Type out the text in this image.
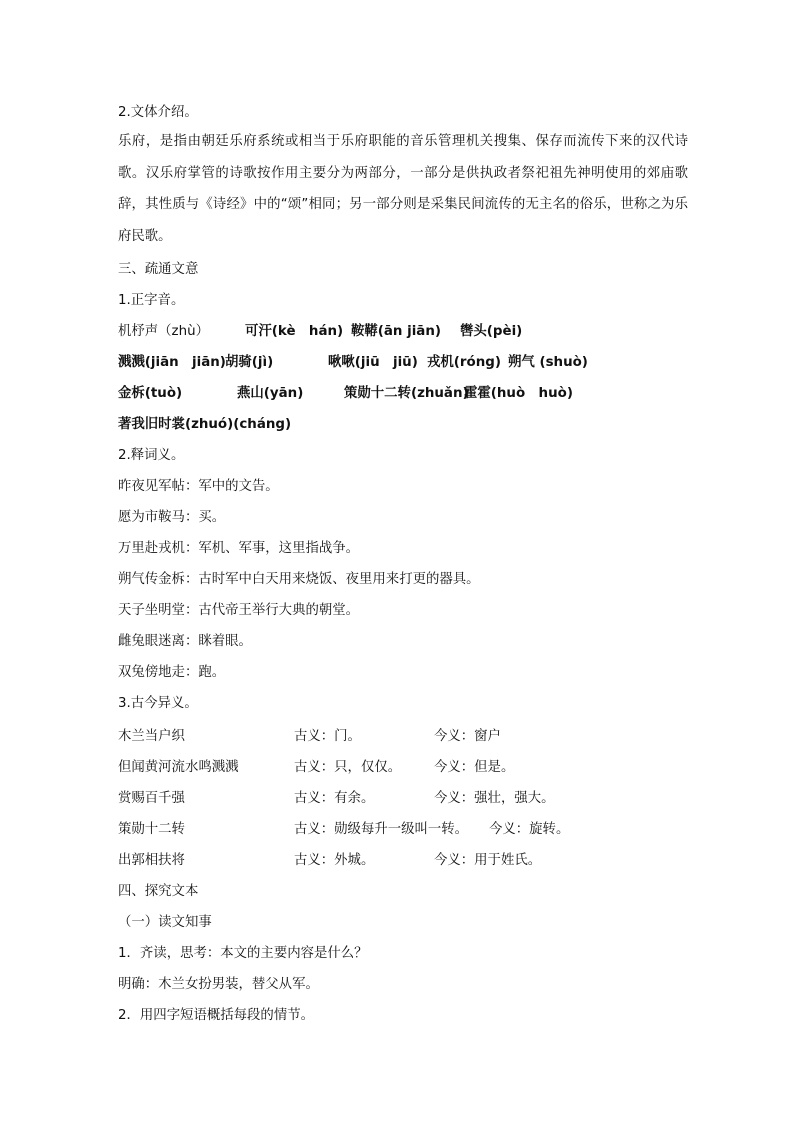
2.文体介绍。
乐府，是指由朝廷乐府系统或相当于乐府职能的音乐管理机关搜集、保存而流传下来的汉代诗歌。汉乐府掌管的诗歌按作用主要分为两部分，一部分是供执政者祭祀祖先神明使用的郊庙歌辞，其性质与《诗经》中的“颂”相同；另一部分则是采集民间流传的无主名的俗乐，世称之为乐府民歌。
三、疏通文意
1.正字音。
机杼声（zhù）	可汗(kè　hán) 鞍鞯(ān jiān) 辔头(pèi)
溅溅(jiān　jiān) 胡骑(jì)	啾啾(jiū　jiū) 戎机(róng) 朔气 (shuò)
金柝(tuò)	燕山(yān)	策勋十二转(zhuǎn)
霍霍(huò　huò)
著我旧时裳(zhuó)(cháng)
2.释词义。
昨夜见军帖：军中的文告。
愿为市鞍马：买。
万里赴戎机：军机、军事，这里指战争。
朔气传金柝：古时军中白天用来烧饭、夜里用来打更的器具。
天子坐明堂：古代帝王举行大典的朝堂。
雌兔眼迷离：眯着眼。
双兔傍地走：跑。
3.古今异义。
木兰当户织	古义：门。	今义：窗户
但闻黄河流水鸣溅溅	古义：只，仅仅。 今义：但是。
赏赐百千强	古义：有余。	今义：强壮，强大。
策勋十二转	古义：勋级每升一级叫一转。 今义：旋转。
出郭相扶将	古义：外城。	今义：用于姓氏。
四、探究文本
（一）读文知事
1．齐读，思考：本文的主要内容是什么？
明确：木兰女扮男装，替父从军。
2．用四字短语概括每段的情节。
